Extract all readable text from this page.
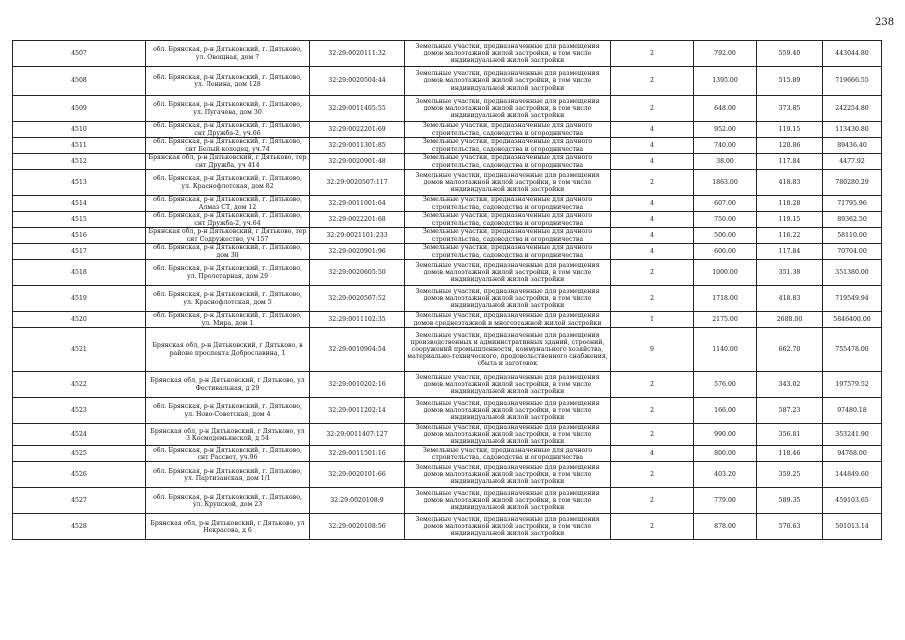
238
4507	обл. Брянская, р-н Дятьковский, г. Дятьково, ул. Овощная, дом 7	32:29:0020111:32	Земельные участки, предназначенные для размещения домов малоэтажной жилой застройки, в том числе индивидуальной жилой застройки	2	792.00	559.40	443044.80
4508	обл. Брянская, р-н Дятьковский, г. Дятьково, ул. Ленина, дом 128	32:29:0020504:44	Земельные участки, предназначенные для размещения домов малоэтажной жилой застройки, в том числе индивидуальной жилой застройки	2	1395.00	515.89	719666.55
4509	обл. Брянская, р-н Дятьковский, г. Дятьково, ул. Пугачева, дом 30	32:29:0011405:55	Земельные участки, предназначенные для размещения домов малоэтажной жилой застройки, в том числе индивидуальной жилой застройки	2	648.00	373.85	242254.80
4510	обл. Брянская, р-н Дятьковский, г. Дятьково, снт Дружба-2, уч.66	32:29:0022201:69	Земельные участки, предназначенные для дачного строительства, садоводства и огородничества	4	952.00	119.15	113430.80
4511	обл. Брянская, р-н Дятьковский, г. Дятьково, снт Белый колодец, уч.74	32:29:0011301:85	Земельные участки, предназначенные для дачного строительства, садоводства и огородничества	4	740.00	120.86	89436.40
4512	Брянская обл, р-н Дятьковский, г Дятьково, тер снт Дружба, уч 414	32:29:0020901:48	Земельные участки, предназначенные для дачного строительства, садоводства и огородничества	4	38.00	117.84	4477.92
4513	обл. Брянская, р-н Дятьковский, г. Дятьково, ул. Краснофлотская, дом 82	32:29:0020507:117	Земельные участки, предназначенные для размещения домов малоэтажной жилой застройки, в том числе индивидуальной жилой застройки	2	1863.00	418.83	780280.29
4514	обл. Брянская, р-н Дятьковский, г. Дятьково, Алмаз СТ, дом 12	32:29:0011001:64	Земельные участки, предназначенные для дачного строительства, садоводства и огородничества	4	607.00	118.28	71795.96
4515	обл. Брянская, р-н Дятьковский, г. Дятьково, снт Дружба-2, уч.64	32:29:0022201:68	Земельные участки, предназначенные для дачного строительства, садоводства и огородничества	4	750.00	119.15	89362.50
4516	Брянская обл, р-н Дятьковский, г Дятьково, тер снт Содружество, уч 157	32:29:0021101:233	Земельные участки, предназначенные для дачного строительства, садоводства и огородничества	4	500.00	116.22	58110.00
4517	обл. Брянская, р-н Дятьковский, г. Дятьково, дом 30	32:29:0020901:96	Земельные участки, предназначенные для дачного строительства, садоводства и огородничества	4	600.00	117.84	70704.00
4518	обл. Брянская, р-н Дятьковский, г. Дятьково, ул. Пролетарная, дом 29	32:29:0020605:50	Земельные участки, предназначенные для размещения домов малоэтажной жилой застройки, в том числе индивидуальной жилой застройки	2	1000.00	351.38	351380.00
4519	обл. Брянская, р-н Дятьковский, г. Дятьково, ул. Краснофлотская, дом 5	32:29:0020507:52	Земельные участки, предназначенные для размещения домов малоэтажной жилой застройки, в том числе индивидуальной жилой застройки	2	1718.00	418.83	719549.94
4520	обл. Брянская, р-н Дятьковский, г. Дятьково, ул. Мира, дом 1	32:29:0011102:35	Земельные участки, предназначенные для размещения домов среднеэтажной и многоэтажной жилой застройки	1	2175.00	2688.00	5846400.00
4521	Брянская обл, р-н Дятьковский, г Дятьково, в районе проспекта Доброславина, 1	32:29:0010904:54	Земельные участки, предназначенные для размещения производственных и административных зданий, строений, сооружений промышленности, коммунального хозяйства, материально-технического, продовольственного снабжения, сбыта и заготовок	9	1140.00	662.70	755478.00
4522	Брянская обл, р-н Дятьковский, г Дятьково, ул Фестивальная, д 29	32:29:0010202:16	Земельные участки, предназначенные для размещения домов малоэтажной жилой застройки, в том числе индивидуальной жилой застройки	2	576.00	343.02	197579.52
4523	обл. Брянская, р-н Дятьковский, г. Дятьково, ул. Ново-Советская, дом 4	32:29:0011202:14	Земельные участки, предназначенные для размещения домов малоэтажной жилой застройки, в том числе индивидуальной жилой застройки	2	166.00	587.23	97480.18
4524	Брянская обл, р-н Дятьковский, г Дятьково, ул З Космодемьянской, д 54	32:29:0011407:127	Земельные участки, предназначенные для размещения домов малоэтажной жилой застройки, в том числе индивидуальной жилой застройки	2	990.00	356.81	353241.90
4525	обл. Брянская, р-н Дятьковский, г. Дятьково, снт Рассвет, уч.96	32:29:0011501:16	Земельные участки, предназначенные для дачного строительства, садоводства и огородничества	4	800.00	118.46	94768.00
4526	обл. Брянская, р-н Дятьковский, г. Дятьково, ул. Партизанская, дом 1/1	32:29:0020101:66	Земельные участки, предназначенные для размещения домов малоэтажной жилой застройки, в том числе индивидуальной жилой застройки	2	403.20	359.25	144849.60
4527	обл. Брянская, р-н Дятьковский, г. Дятьково, ул. Крупской, дом 23	32:29:0020108:9	Земельные участки, предназначенные для размещения домов малоэтажной жилой застройки, в том числе индивидуальной жилой застройки	2	779.00	589.35	459103.65
4528	Брянская обл, р-н Дятьковский, г Дятьково, ул Некрасова, д 6	32:29:0020108:56	Земельные участки, предназначенные для размещения домов малоэтажной жилой застройки, в том числе индивидуальной жилой застройки	2	878.00	570.63	501013.14
